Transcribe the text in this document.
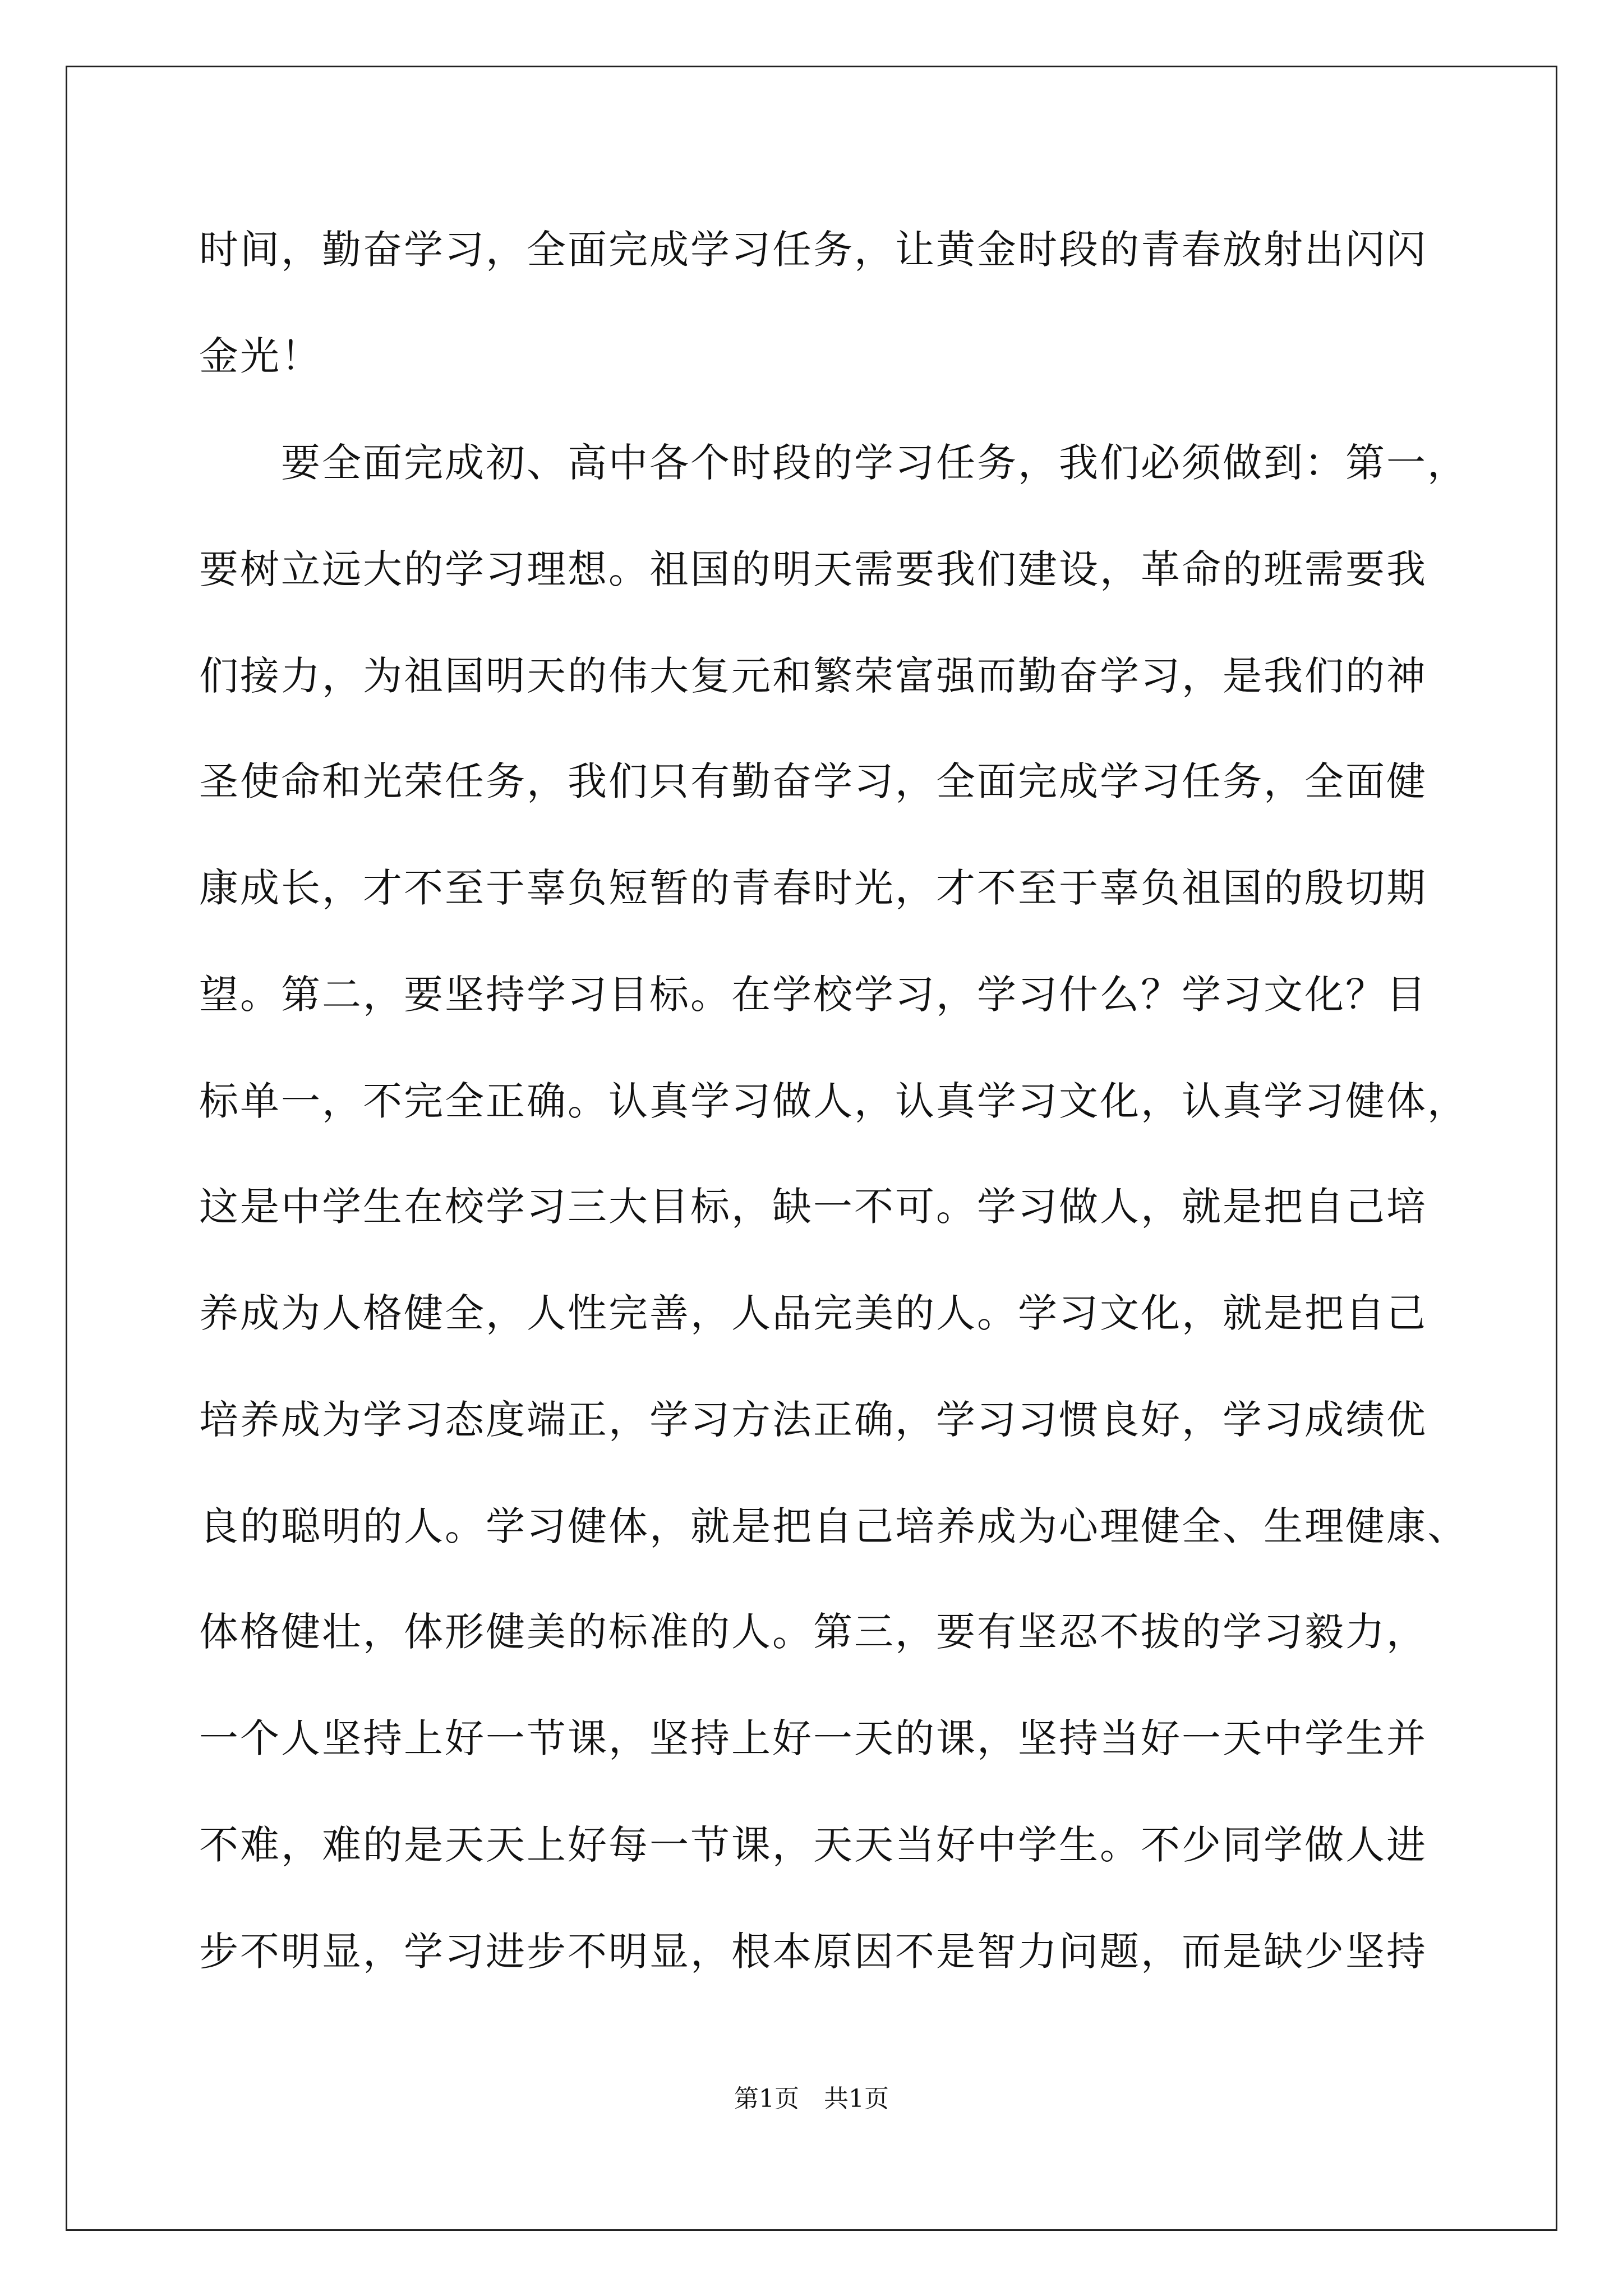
时间，勤奋学习，全面完成学习任务，让黄金时段的青春放射出闪闪
金光！
　　要全面完成初、高中各个时段的学习任务，我们必须做到：第一，
要树立远大的学习理想。祖国的明天需要我们建设，革命的班需要我
们接力，为祖国明天的伟大复元和繁荣富强而勤奋学习，是我们的神
圣使命和光荣任务，我们只有勤奋学习，全面完成学习任务，全面健
康成长，才不至于辜负短暂的青春时光，才不至于辜负祖国的殷切期
望。第二，要坚持学习目标。在学校学习，学习什么？学习文化？目
标单一，不完全正确。认真学习做人，认真学习文化，认真学习健体，
这是中学生在校学习三大目标，缺一不可。学习做人，就是把自己培
养成为人格健全，人性完善，人品完美的人。学习文化，就是把自己
培养成为学习态度端正，学习方法正确，学习习惯良好，学习成绩优
良的聪明的人。学习健体，就是把自己培养成为心理健全、生理健康、
体格健壮，体形健美的标准的人。第三，要有坚忍不拔的学习毅力，
一个人坚持上好一节课，坚持上好一天的课，坚持当好一天中学生并
不难，难的是天天上好每一节课，天天当好中学生。不少同学做人进
步不明显，学习进步不明显，根本原因不是智力问题，而是缺少坚持
第1页　共1页
